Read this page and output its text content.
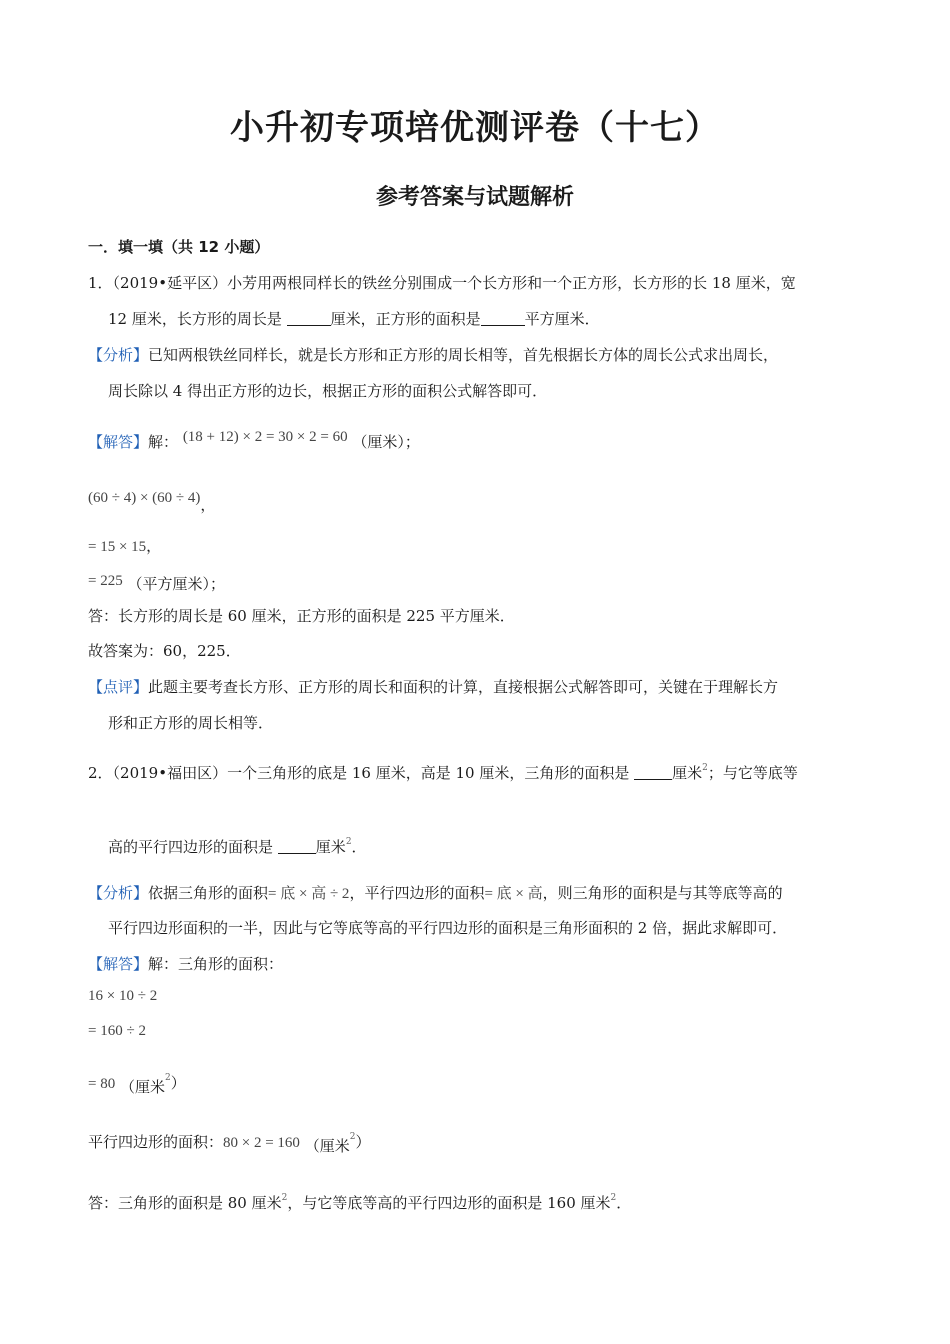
小升初专项培优测评卷（十七）
参考答案与试题解析
一．填一填（共 12 小题）
1．（2019•延平区）小芳用两根同样长的铁丝分别围成一个长方形和一个正方形，长方形的长 18 厘米，宽
12 厘米，长方形的周长是	厘米，正方形的面积是	平方厘米．
【分析】已知两根铁丝同样长，就是长方形和正方形的周长相等，首先根据长方体的周长公式求出周长，
周长除以 4 得出正方形的边长，根据正方形的面积公式解答即可．
【解答】解： (18 + 12) × 2 = 30 × 2 = 60 （厘米）；
(60 ÷ 4) × (60 ÷ 4)，
= 15 × 15，
= 225 （平方厘米）；
答：长方形的周长是 60 厘米，正方形的面积是 225 平方厘米．
故答案为：60，225．
【点评】此题主要考查长方形、正方形的周长和面积的计算，直接根据公式解答即可，关键在于理解长方
形和正方形的周长相等．
2．（2019•福田区）一个三角形的底是 16 厘米，高是 10 厘米，三角形的面积是	厘米$^2$；与它等底等
高的平行四边形的面积是	厘米$^2$．
【分析】依据三角形的面积= 底 × 高 ÷ 2，平行四边形的面积= 底 × 高，则三角形的面积是与其等底等高的
平行四边形面积的一半，因此与它等底等高的平行四边形的面积是三角形面积的 2 倍，据此求解即可．
【解答】解：三角形的面积：
16 × 10 ÷ 2
= 160 ÷ 2
= 80 （厘米$^2$）
平行四边形的面积：80 × 2 = 160 （厘米$^2$）
答：三角形的面积是 80 厘米$^2$，与它等底等高的平行四边形的面积是 160 厘米$^2$．
